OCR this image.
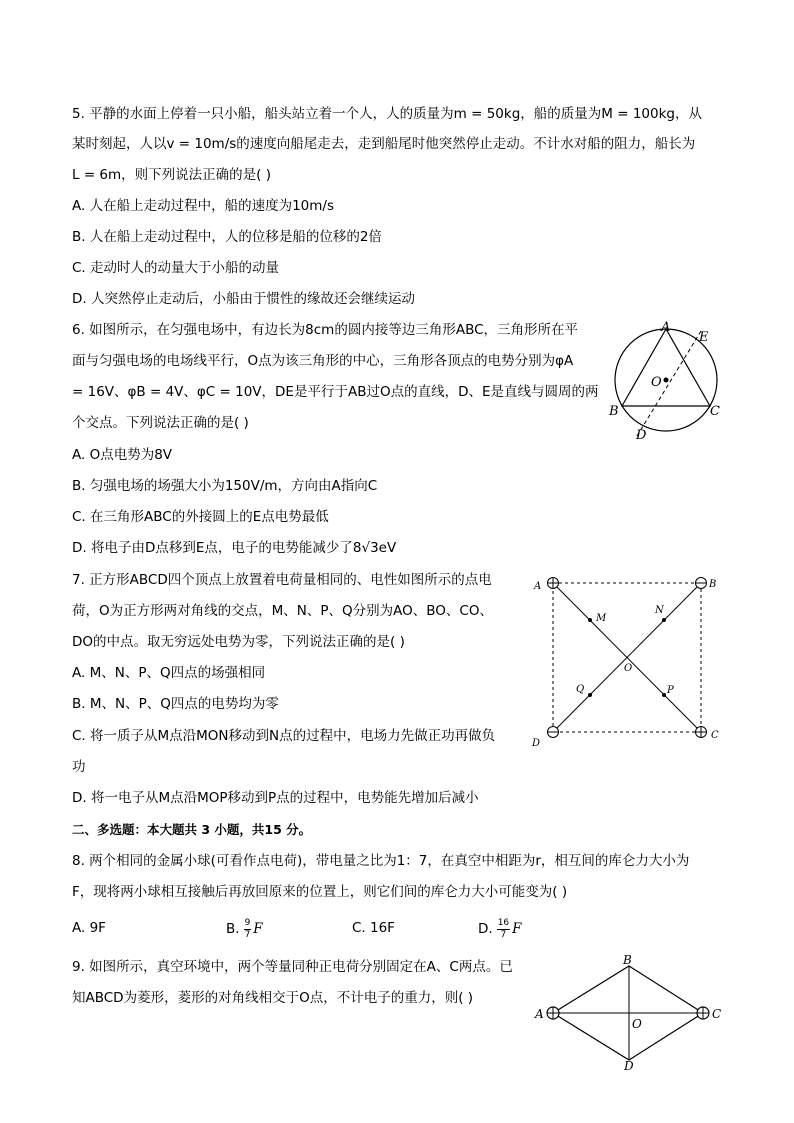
5. 平静的水面上停着一只小船，船头站立着一个人，人的质量为m = 50kg，船的质量为M = 100kg，从
某时刻起，人以v = 10m/s的速度向船尾走去，走到船尾时他突然停止走动。不计水对船的阻力，船长为
L = 6m，则下列说法正确的是( )
A. 人在船上走动过程中，船的速度为10m/s
B. 人在船上走动过程中，人的位移是船的位移的2倍
C. 走动时人的动量大于小船的动量
D. 人突然停止走动后，小船由于惯性的缘故还会继续运动
6. 如图所示，在匀强电场中，有边长为8cm的圆内接等边三角形ABC，三角形所在平
面与匀强电场的电场线平行，O点为该三角形的中心，三角形各顶点的电势分别为φA
= 16V、φB = 4V、φC = 10V，DE是平行于AB过O点的直线，D、E是直线与圆周的两
个交点。下列说法正确的是( )
A. O点电势为8V
B. 匀强电场的场强大小为150V/m，方向由A指向C
C. 在三角形ABC的外接圆上的E点电势最低
D. 将电子由D点移到E点，电子的电势能减少了8√3eV
A
E
O
B	C
D
7. 正方形ABCD四个顶点上放置着电荷量相同的、电性如图所示的点电
荷，O为正方形两对角线的交点，M、N、P、Q分别为AO、BO、CO、
DO的中点。取无穷远处电势为零，下列说法正确的是( )
A. M、N、P、Q四点的场强相同
B. M、N、P、Q四点的电势均为零
C. 将一质子从M点沿MON移动到N点的过程中，电场力先做正功再做负
功
D. 将一电子从M点沿MOP移动到P点的过程中，电势能先增加后减小
A	B
C
D
M
N
P
Q
O
二、多选题：本大题共 3 小题，共15 分。
8. 两个相同的金属小球(可看作点电荷)，带电量之比为1：7，在真空中相距为r，相互间的库仑力大小为
F，现将两小球相互接触后再放回原来的位置上，则它们间的库仑力大小可能变为( )
A. 9F	B. $\frac{9}{7}$ F	C. 16F	D. $\frac{16}{7}$ F
9. 如图所示，真空环境中，两个等量同种正电荷分别固定在A、C两点。已
知ABCD为菱形，菱形的对角线相交于O点，不计电子的重力，则( )
A
B
C
D
O
